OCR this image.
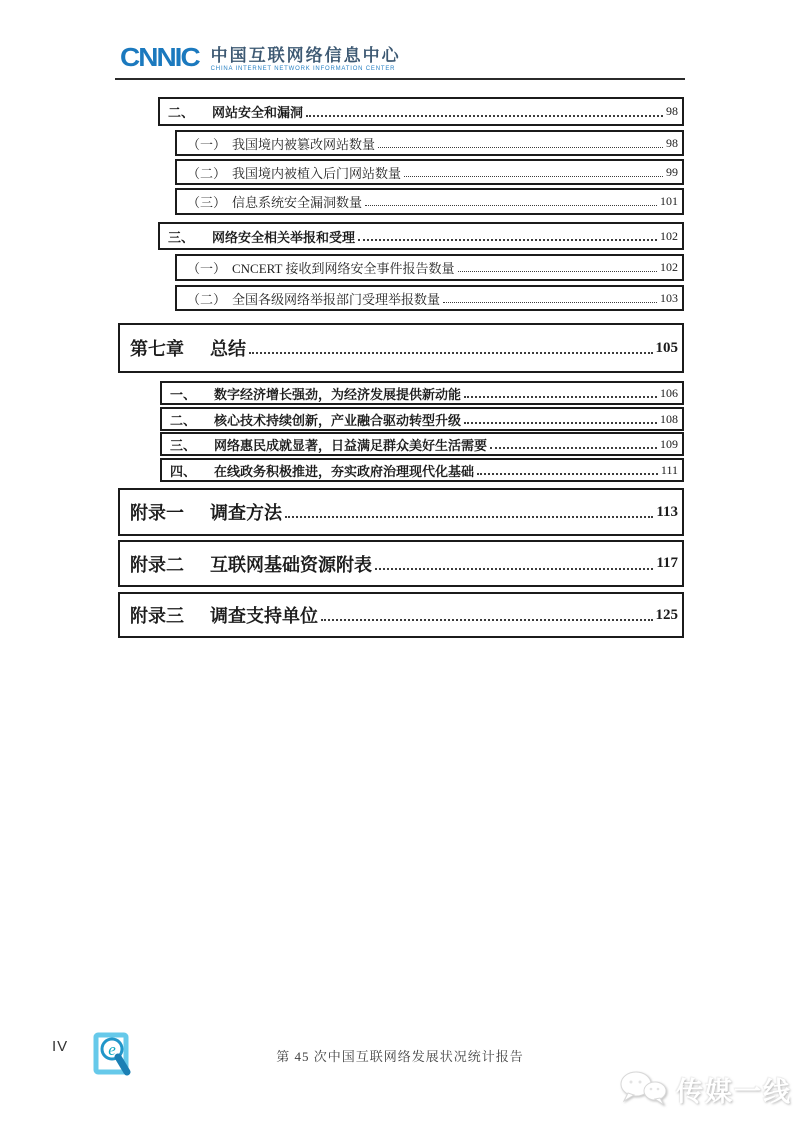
CNNIC 中国互联网络信息中心
CHINA INTERNET NETWORK INFORMATION CENTER
二、	网站安全和漏洞	98
（一） 我国境内被篡改网站数量	98
（二） 我国境内被植入后门网站数量	99
（三） 信息系统安全漏洞数量	101
三、	网络安全相关举报和受理	102
（一） CNCERT 接收到网络安全事件报告数量	102
（二） 全国各级网络举报部门受理举报数量	103
第七章	总结	105
一、	数字经济增长强劲，为经济发展提供新动能	106
二、	核心技术持续创新，产业融合驱动转型升级	108
三、	网络惠民成就显著，日益满足群众美好生活需要	109
四、	在线政务积极推进，夯实政府治理现代化基础	111
附录一	调查方法	113
附录二	互联网基础资源附表	117
附录三	调查支持单位	125
IV e	第 45 次中国互联网络发展状况统计报告
传媒一线
